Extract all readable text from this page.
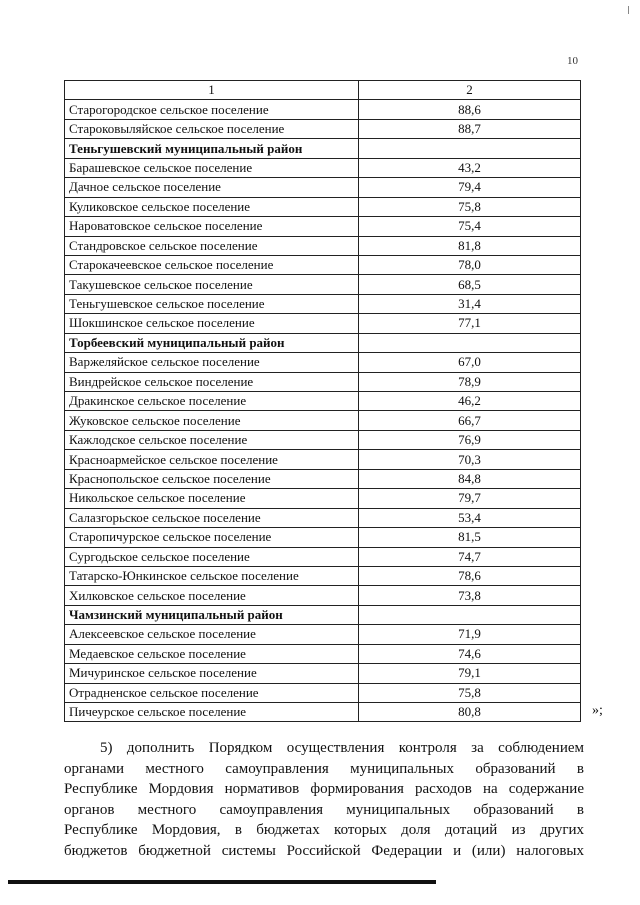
10
1	2
Старогородское сельское поселение	88,6
Староковыляйское сельское поселение	88,7
Теньгушевский муниципальный район	
Барашевское сельское поселение	43,2
Дачное сельское поселение	79,4
Куликовское сельское поселение	75,8
Нароватовское сельское поселение	75,4
Стандровское сельское поселение	81,8
Старокачеевское сельское поселение	78,0
Такушевское сельское поселение	68,5
Теньгушевское сельское поселение	31,4
Шокшинское сельское поселение	77,1
Торбеевский муниципальный район	
Варжеляйское сельское поселение	67,0
Виндрейское сельское поселение	78,9
Дракинское сельское поселение	46,2
Жуковское сельское поселение	66,7
Кажлодское сельское поселение	76,9
Красноармейское сельское поселение	70,3
Краснопольское сельское поселение	84,8
Никольское сельское поселение	79,7
Салазгорьское сельское поселение	53,4
Старопичурское сельское поселение	81,5
Сургодьское сельское поселение	74,7
Татарско-Юнкинское сельское поселение	78,6
Хилковское сельское поселение	73,8
Чамзинский муниципальный район	
Алексеевское сельское поселение	71,9
Медаевское сельское поселение	74,6
Мичуринское сельское поселение	79,1
Отрадненское сельское поселение	75,8
Пичеурское сельское поселение	80,8	»;

5) дополнить Порядком осуществления контроля за соблюдением

органами местного самоуправления муниципальных образований в

Республике Мордовия нормативов формирования расходов на содержание

органов местного самоуправления муниципальных образований в

Республике Мордовия, в бюджетах которых доля дотаций из других

бюджетов бюджетной системы Российской Федерации и (или) налоговых
